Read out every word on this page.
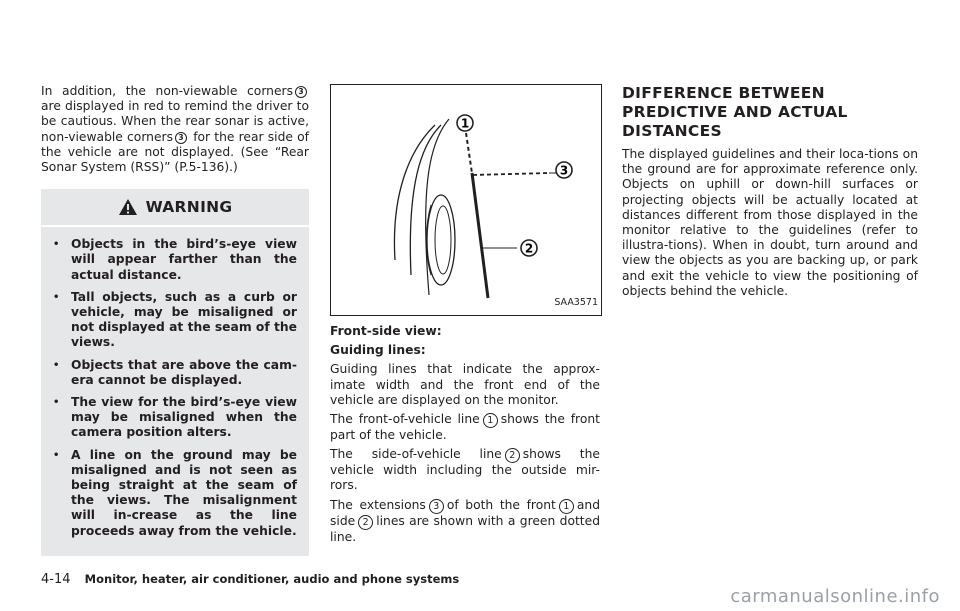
In addition, the non-viewable corners 3 are displayed in red to remind the driver to be cautious. When the rear sonar is active, non-viewable corners 3 for the rear side of the vehicle are not displayed. (See “Rear Sonar System (RSS)” (P.5-136).)

WARNING
• Objects in the bird’s-eye view will appear farther than the actual distance.
• Tall objects, such as a curb or vehicle, may be misaligned or not displayed at the seam of the views.
• Objects that are above the cam-era cannot be displayed.
• The view for the bird’s-eye view may be misaligned when the camera position alters.
• A line on the ground may be misaligned and is not seen as being straight at the seam of the views. The misalignment will in-crease as the line proceeds away from the vehicle.
1
2
3
SAA3571
Front-side view:
Guiding lines:

Guiding lines that indicate the approx-imate width and the front end of the vehicle are displayed on the monitor.

The front-of-vehicle line 1 shows the front part of the vehicle.

The side-of-vehicle line 2 shows the vehicle width including the outside mir-rors.

The extensions 3 of both the front 1 and side 2 lines are shown with a green dotted line.

DIFFERENCE BETWEEN PREDICTIVE AND ACTUAL DISTANCES

The displayed guidelines and their loca-tions on the ground are for approximate reference only. Objects on uphill or down-hill surfaces or projecting objects will be actually located at distances different from those displayed in the monitor relative to the guidelines (refer to illustra-tions). When in doubt, turn around and view the objects as you are backing up, or park and exit the vehicle to view the positioning of objects behind the vehicle.

4-14 Monitor, heater, air conditioner, audio and phone systems
carmanualsonline.info
